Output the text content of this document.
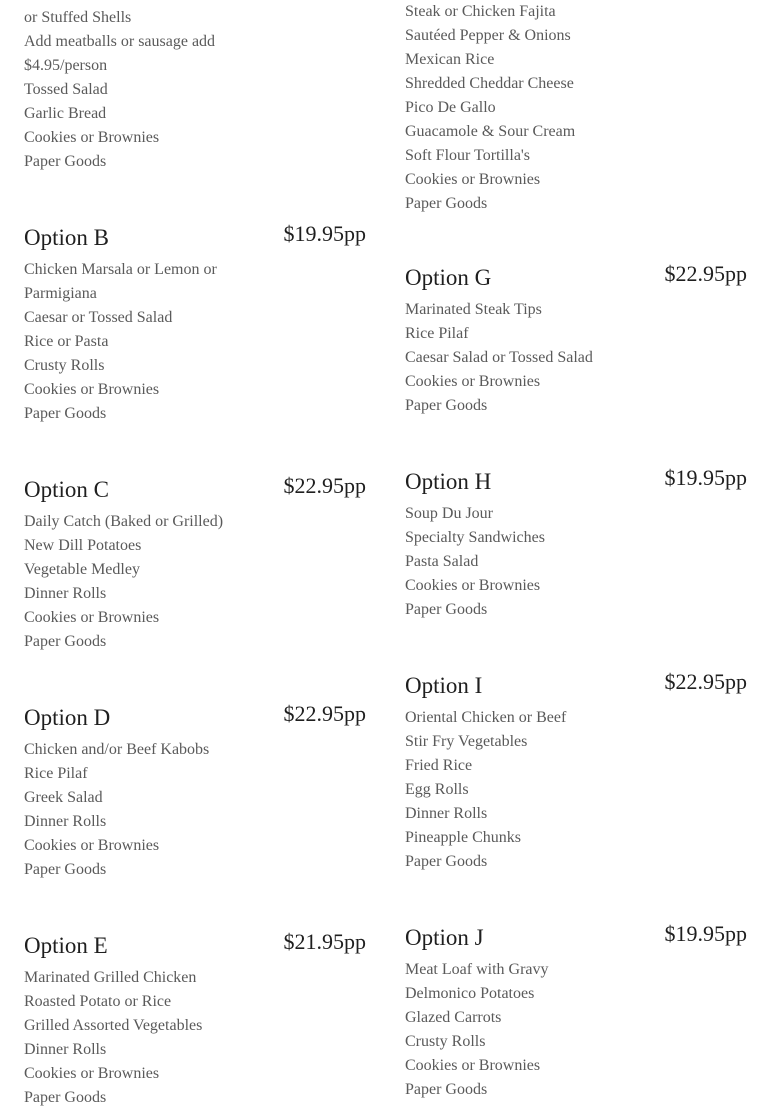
or Stuffed Shells
Add meatballs or sausage add
$4.95/person
Tossed Salad
Garlic Bread
Cookies or Brownies
Paper Goods
Option B	$19.95pp
Chicken Marsala or Lemon or
Parmigiana
Caesar or Tossed Salad
Rice or Pasta
Crusty Rolls
Cookies or Brownies
Paper Goods
Option C	$22.95pp
Daily Catch (Baked or Grilled)
New Dill Potatoes
Vegetable Medley
Dinner Rolls
Cookies or Brownies
Paper Goods
Option D	$22.95pp
Chicken and/or Beef Kabobs
Rice Pilaf
Greek Salad
Dinner Rolls
Cookies or Brownies
Paper Goods
Option E	$21.95pp
Marinated Grilled Chicken
Roasted Potato or Rice
Grilled Assorted Vegetables
Dinner Rolls
Cookies or Brownies
Paper Goods
Steak or Chicken Fajita
Sautéed Pepper & Onions
Mexican Rice
Shredded Cheddar Cheese
Pico De Gallo
Guacamole & Sour Cream
Soft Flour Tortilla's
Cookies or Brownies
Paper Goods
Option G	$22.95pp
Marinated Steak Tips
Rice Pilaf
Caesar Salad or Tossed Salad
Cookies or Brownies
Paper Goods
Option H	$19.95pp
Soup Du Jour
Specialty Sandwiches
Pasta Salad
Cookies or Brownies
Paper Goods
Option I	$22.95pp
Oriental Chicken or Beef
Stir Fry Vegetables
Fried Rice
Egg Rolls
Dinner Rolls
Pineapple Chunks
Paper Goods
Option J	$19.95pp
Meat Loaf with Gravy
Delmonico Potatoes
Glazed Carrots
Crusty Rolls
Cookies or Brownies
Paper Goods
